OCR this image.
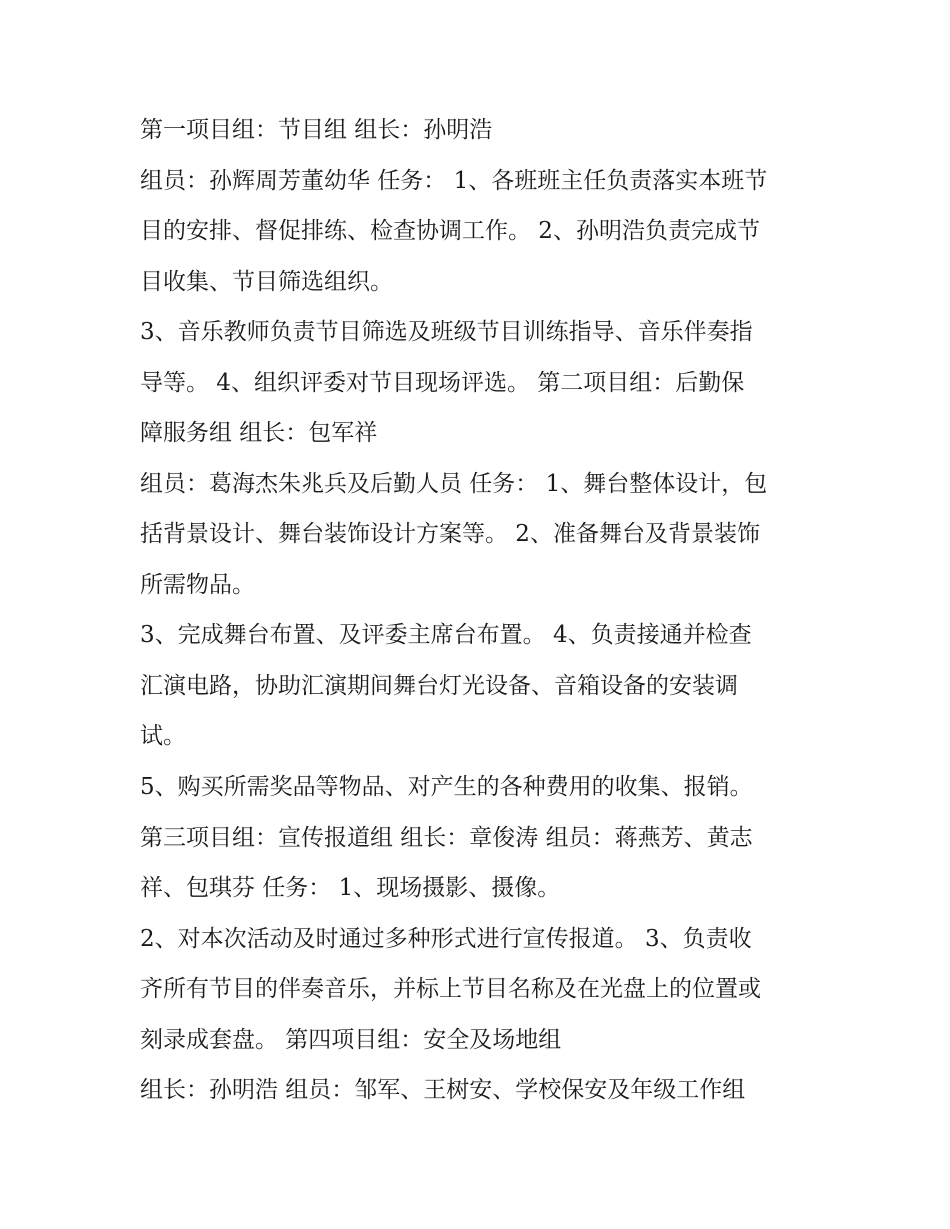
第一项目组：节目组 组长：孙明浩
组员：孙辉周芳董幼华 任务： 1、各班班主任负责落实本班节
目的安排、督促排练、检查协调工作。 2、孙明浩负责完成节
目收集、节目筛选组织。
3、音乐教师负责节目筛选及班级节目训练指导、音乐伴奏指
导等。 4、组织评委对节目现场评选。 第二项目组：后勤保
障服务组 组长：包军祥
组员：葛海杰朱兆兵及后勤人员 任务： 1、舞台整体设计，包
括背景设计、舞台装饰设计方案等。 2、准备舞台及背景装饰
所需物品。
3、完成舞台布置、及评委主席台布置。 4、负责接通并检查
汇演电路，协助汇演期间舞台灯光设备、音箱设备的安装调
试。
5、购买所需奖品等物品、对产生的各种费用的收集、报销。
第三项目组：宣传报道组 组长：章俊涛 组员：蒋燕芳、黄志
祥、包琪芬 任务： 1、现场摄影、摄像。
2、对本次活动及时通过多种形式进行宣传报道。 3、负责收
齐所有节目的伴奏音乐，并标上节目名称及在光盘上的位置或
刻录成套盘。 第四项目组：安全及场地组
组长：孙明浩 组员：邹军、王树安、学校保安及年级工作组
